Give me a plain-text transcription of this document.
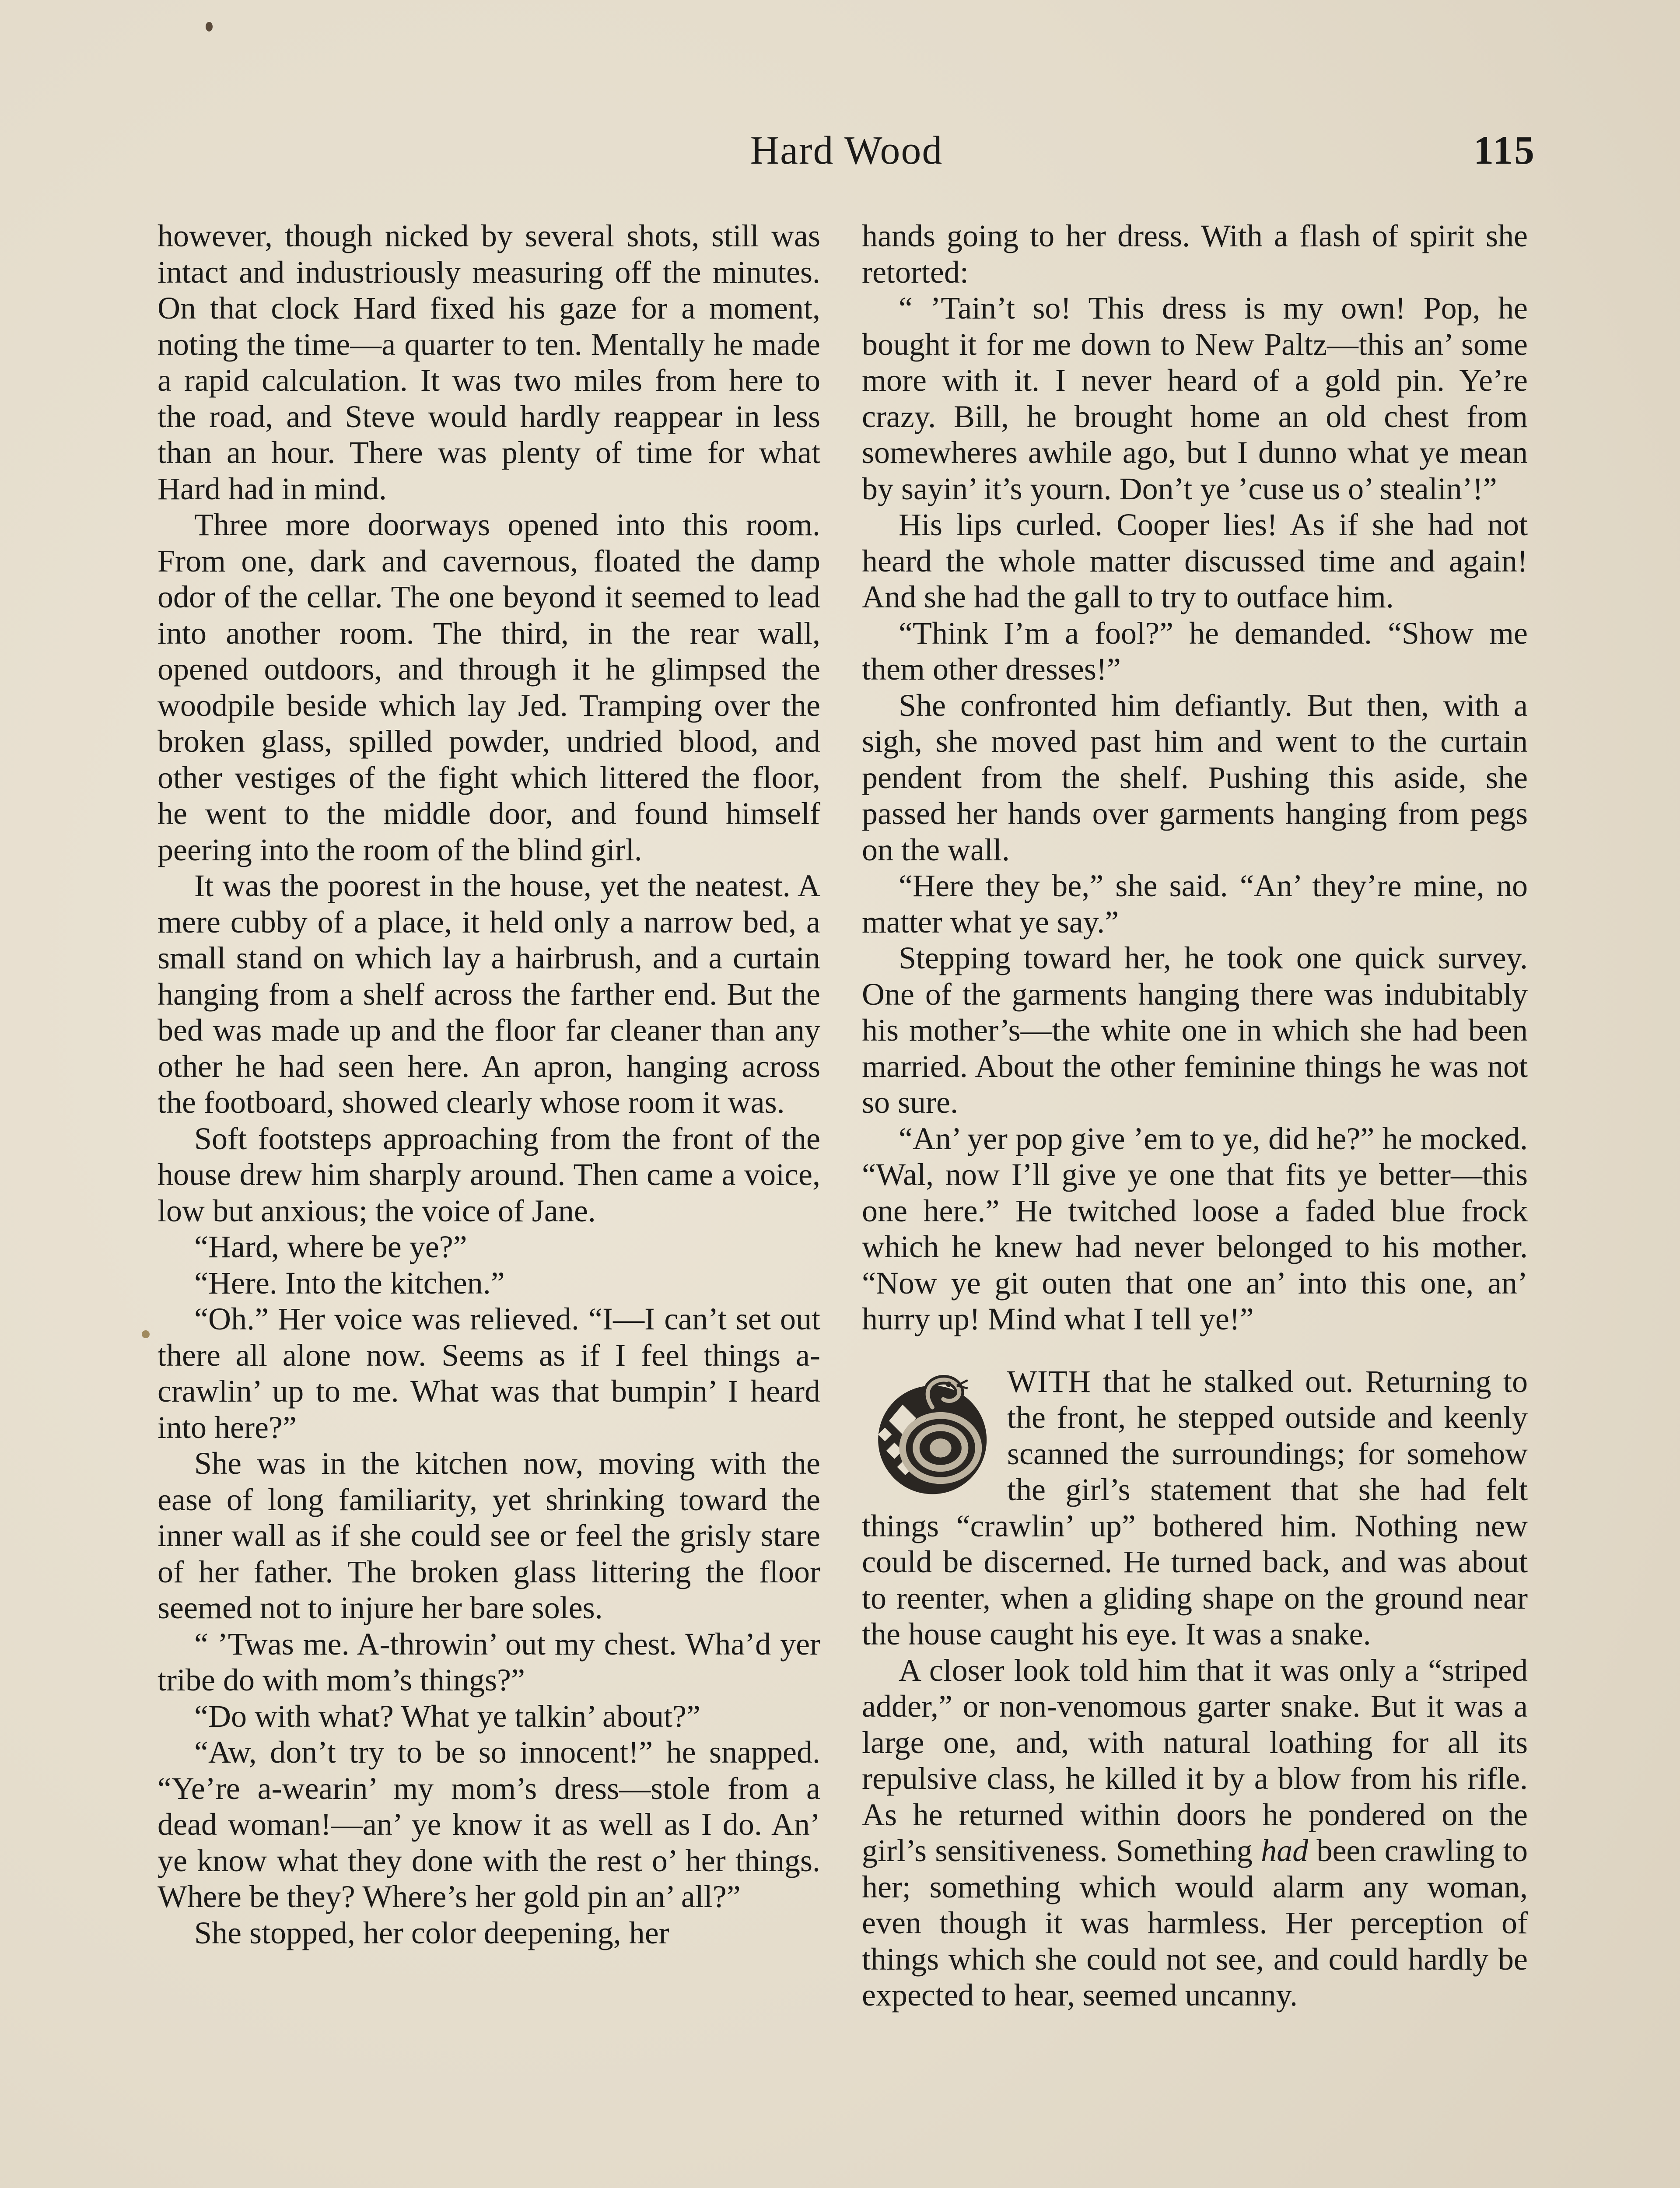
Hard Wood	115

however, though nicked by several shots, still was intact and industriously measuring off the minutes. On that clock Hard fixed his gaze for a moment, noting the time—a quarter to ten. Mentally he made a rapid calculation. It was two miles from here to the road, and Steve would hardly reappear in less than an hour. There was plenty of time for what Hard had in mind.

Three more doorways opened into this room. From one, dark and cavernous, floated the damp odor of the cellar. The one beyond it seemed to lead into another room. The third, in the rear wall, opened outdoors, and through it he glimpsed the woodpile beside which lay Jed. Tramping over the broken glass, spilled powder, undried blood, and other vestiges of the fight which littered the floor, he went to the middle door, and found himself peering into the room of the blind girl.

It was the poorest in the house, yet the neatest. A mere cubby of a place, it held only a narrow bed, a small stand on which lay a hairbrush, and a curtain hanging from a shelf across the farther end. But the bed was made up and the floor far cleaner than any other he had seen here. An apron, hanging across the footboard, showed clearly whose room it was.

Soft footsteps approaching from the front of the house drew him sharply around. Then came a voice, low but anxious; the voice of Jane.

“Hard, where be ye?”

“Here. Into the kitchen.”

“Oh.” Her voice was relieved. “I—I can’t set out there all alone now. Seems as if I feel things a-crawlin’ up to me. What was that bumpin’ I heard into here?”

She was in the kitchen now, moving with the ease of long familiarity, yet shrinking toward the inner wall as if she could see or feel the grisly stare of her father. The broken glass littering the floor seemed not to injure her bare soles.

“ ’Twas me. A-throwin’ out my chest. Wha’d yer tribe do with mom’s things?”

“Do with what? What ye talkin’ about?”

“Aw, don’t try to be so innocent!” he snapped. “Ye’re a-wearin’ my mom’s dress—stole from a dead woman!—an’ ye know it as well as I do. An’ ye know what they done with the rest o’ her things. Where be they? Where’s her gold pin an’ all?”

She stopped, her color deepening, her

hands going to her dress. With a flash of spirit she retorted:

“ ’Tain’t so! This dress is my own! Pop, he bought it for me down to New Paltz—this an’ some more with it. I never heard of a gold pin. Ye’re crazy. Bill, he brought home an old chest from somewheres awhile ago, but I dunno what ye mean by sayin’ it’s yourn. Don’t ye ’cuse us o’ stealin’!”

His lips curled. Cooper lies! As if she had not heard the whole matter discussed time and again! And she had the gall to try to outface him.

“Think I’m a fool?” he demanded. “Show me them other dresses!”

She confronted him defiantly. But then, with a sigh, she moved past him and went to the curtain pendent from the shelf. Pushing this aside, she passed her hands over garments hanging from pegs on the wall.

“Here they be,” she said. “An’ they’re mine, no matter what ye say.”

Stepping toward her, he took one quick survey. One of the garments hanging there was indubitably his mother’s—the white one in which she had been married. About the other feminine things he was not so sure.

“An’ yer pop give ’em to ye, did he?” he mocked. “Wal, now I’ll give ye one that fits ye better—this one here.” He twitched loose a faded blue frock which he knew had never belonged to his mother. “Now ye git outen that one an’ into this one, an’ hurry up! Mind what I tell ye!”

WITH that he stalked out. Returning to the front, he stepped outside and keenly scanned the surroundings; for somehow the girl’s statement that she had felt things “crawlin’ up” bothered him. Nothing new could be discerned. He turned back, and was about to reenter, when a gliding shape on the ground near the house caught his eye. It was a snake.

A closer look told him that it was only a “striped adder,” or non-venomous garter snake. But it was a large one, and, with natural loathing for all its repulsive class, he killed it by a blow from his rifle. As he returned within doors he pondered on the girl’s sensitiveness. Something had been crawling to her; something which would alarm any woman, even though it was harmless. Her perception of things which she could not see, and could hardly be expected to hear, seemed uncanny.
